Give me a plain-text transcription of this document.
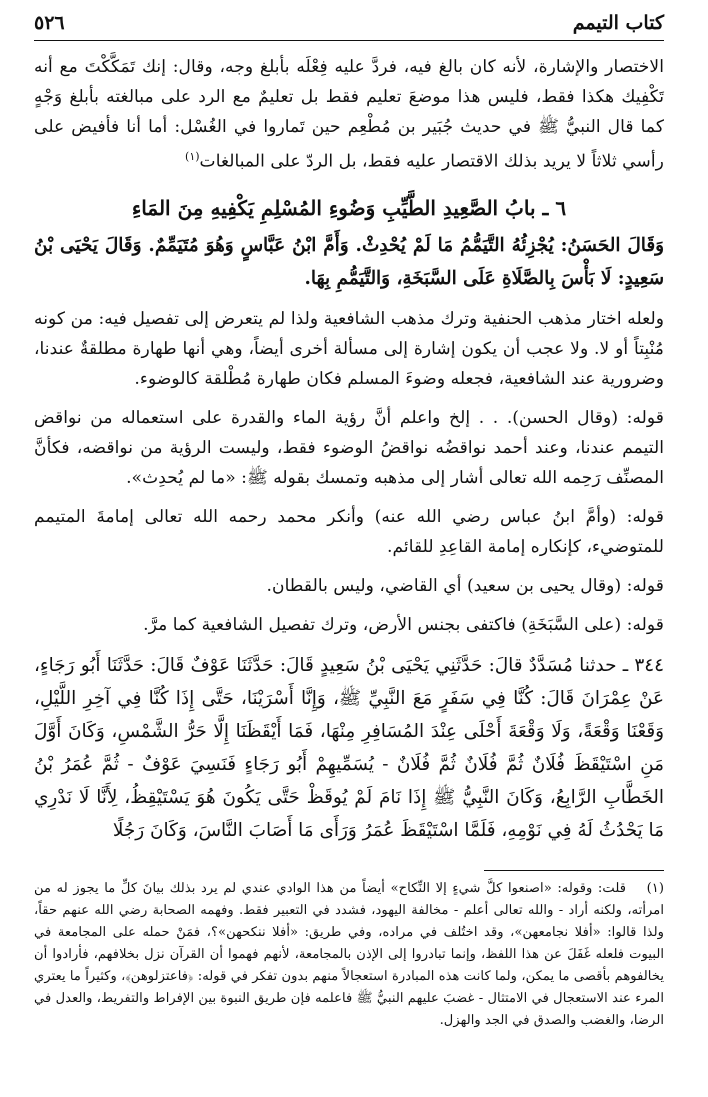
كتاب التيمم
٥٢٦

الاختصار والإشارة، لأنه كان بالغ فيه، فردَّ عليه فِعْلَه بأبلغ وجه، وقال: إنك تَمَكَّكْتَ مع أنه تَكْفِيك هكذا فقط، فليس هذا موضعَ تعليم فقط بل تعليمٌ مع الرد على مبالغته بأبلغ وَجْهٍ كما قال النبيُّ ﷺ في حديث جُبَير بن مُطْعِم حين تَماروا في الغُسْل: أما أنا فأفيض على رأسي ثلاثاً لا يريد بذلك الاقتصار عليه فقط، بل الردّ على المبالغات$^{(١)}$

٦ ـ بابُ الصَّعِيدِ الطَّيِّبِ وَضُوءِ المُسْلِمِ يَكْفِيهِ مِنَ المَاءِ

وَقَالَ الحَسَنُ: يُجْزِئُهُ التَّيَمُّمُ مَا لَمْ يُحْدِثْ. وَأَمَّ ابْنُ عَبَّاسٍ وَهُوَ مُتَيَمِّمٌ. وَقَالَ يَحْيَى بْنُ سَعِيدٍ: لَا بَأْسَ بِالصَّلَاةِ عَلَى السَّبَخَةِ، وَالتَّيَمُّمِ بِهَا.

ولعله اختار مذهب الحنفية وترك مذهب الشافعية ولذا لم يتعرض إلى تفصيل فيه: من كونه مُنْبِتاً أو لا. ولا عجب أن يكون إشارة إلى مسألة أخرى أيضاً، وهي أنها طهارة مطلقةٌ عندنا، وضرورية عند الشافعية، فجعله وضوءَ المسلم فكان طهارة مُطْلقة كالوضوء.

قوله: (وقال الحسن). . . إلخ واعلم أنَّ رؤية الماء والقدرة على استعماله من نواقض التيمم عندنا، وعند أحمد نواقضُه نواقضُ الوضوء فقط، وليست الرؤية من نواقضه، فكأنَّ المصنِّف رَحِمه الله تعالى أشار إلى مذهبه وتمسك بقوله ﷺ: «ما لم يُحدِث».

قوله: (وأمَّ ابنُ عباس رضي الله عنه) وأنكر محمد رحمه الله تعالى إمامةَ المتيمم للمتوضيء، كإنكاره إمامة القاعِدِ للقائم.

قوله: (وقال يحيى بن سعيد) أي القاضي، وليس بالقطان.

قوله: (على السَّبَخَةِ) فاكتفى بجنس الأرض، وترك تفصيل الشافعية كما مرَّ.

٣٤٤ ـ حدثنا مُسَدَّدٌ قالَ: حَدَّثَنِي يَحْيَى بْنُ سَعِيدٍ قَالَ: حَدَّثَنَا عَوْفٌ قَالَ: حَدَّثَنَا أَبُو رَجَاءٍ، عَنْ عِمْرَانَ قَالَ: كُنَّا فِي سَفَرٍ مَعَ النَّبِيِّ ﷺ، وَإِنَّا أَسْرَيْنَا، حَتَّى إِذَا كُنَّا فِي آخِرِ اللَّيْلِ، وَقَعْنَا وَقْعَةً، وَلَا وَقْعَةَ أَحْلَى عِنْدَ المُسَافِرِ مِنْهَا، فَمَا أَيْقَظَنَا إِلَّا حَرُّ الشَّمْسِ، وَكَانَ أَوَّلَ مَنِ اسْتَيْقَظَ فُلَانٌ ثُمَّ فُلَانٌ ثُمَّ فُلَانٌ - يُسَمِّيهِمْ أَبُو رَجَاءٍ فَنَسِيَ عَوْفٌ - ثُمَّ عُمَرُ بْنُ الخَطَّابِ الرَّابِعُ، وَكَانَ النَّبِيُّ ﷺ إِذَا نَامَ لَمْ يُوقَظْ حَتَّى يَكُونَ هُوَ يَسْتَيْقِظُ، لِأَنَّا لَا نَدْرِي مَا يَحْدُثُ لَهُ فِي نَوْمِهِ، فَلَمَّا اسْتَيْقَظَ عُمَرُ وَرَأَى مَا أَصَابَ النَّاسَ، وَكَانَ رَجُلًا

(١)قلت: وقوله: «اصنعوا كلَّ شيءٍ إلا النِّكاح» أيضاً من هذا الوادي عندي لم يرد بذلك بيانَ كلِّ ما يجوز له من امرأته، ولكنه أراد - والله تعالى أعلم - مخالفة اليهود، فشدد في التعبير فقط. وفهمه الصحابة رضي الله عنهم حقاً، ولذا قالوا: «أفلا نجامعهن»، وقد اختُلف في مراده، وفي طريق: «أفلا ننكحهن»؟، فمَنْ حمله على المجامعة في البيوت فلعله غَفَلَ عن هذا اللفظ، وإنما تبادروا إلى الإذن بالمجامعة، لأنهم فهموا أن القرآن نزل بخلافهم، فأرادوا أن يخالفوهم بأقصى ما يمكن، ولما كانت هذه المبادرة استعجالاً منهم بدون تفكر في قوله: ﴿فاعتزلوهن﴾، وكثيراً ما يعتري المرء عند الاستعجال في الامتثال - غضبَ عليهم النبيُّ ﷺ فاعلمه فإن طريق النبوة بين الإفراط والتفريط، والعدل في الرضا، والغضب والصدق في الجد والهزل.
